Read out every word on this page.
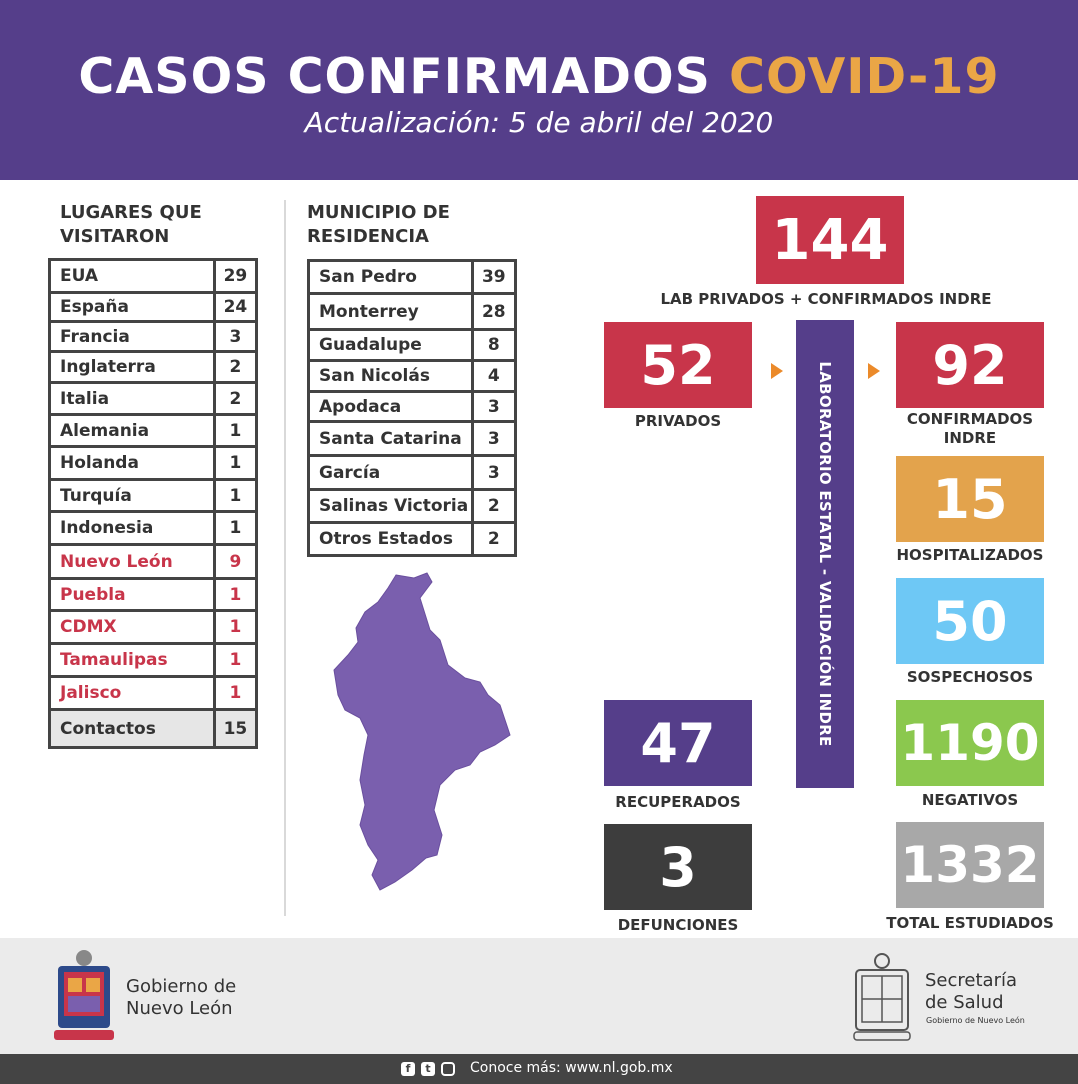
CASOS CONFIRMADOS COVID-19
Actualización: 5 de abril del 2020
LUGARES QUE
VISITARON
EUA	29
España	24
Francia	3
Inglaterra	2
Italia	2
Alemania	1
Holanda	1
Turquía	1
Indonesia	1
Nuevo León	9
Puebla	1
CDMX	1
Tamaulipas	1
Jalisco	1
Contactos	15
MUNICIPIO DE
RESIDENCIA
San Pedro	39
Monterrey	28
Guadalupe	8
San Nicolás	4
Apodaca	3
Santa Catarina	3
García	3
Salinas Victoria	2
Otros Estados	2
144
LAB PRIVADOS + CONFIRMADOS INDRE
52
PRIVADOS	LABORATORIO ESTATAL - VALIDACIÓN INDRE 92
CONFIRMADOS
INDRE
15
HOSPITALIZADOS
50
SOSPECHOSOS
1190
NEGATIVOS
1332
TOTAL ESTUDIADOS
47
RECUPERADOS
3
DEFUNCIONES
Gobierno de
Nuevo León
Secretaría
de Salud
Gobierno de Nuevo León
f	t	Conoce más: www.nl.gob.mx
